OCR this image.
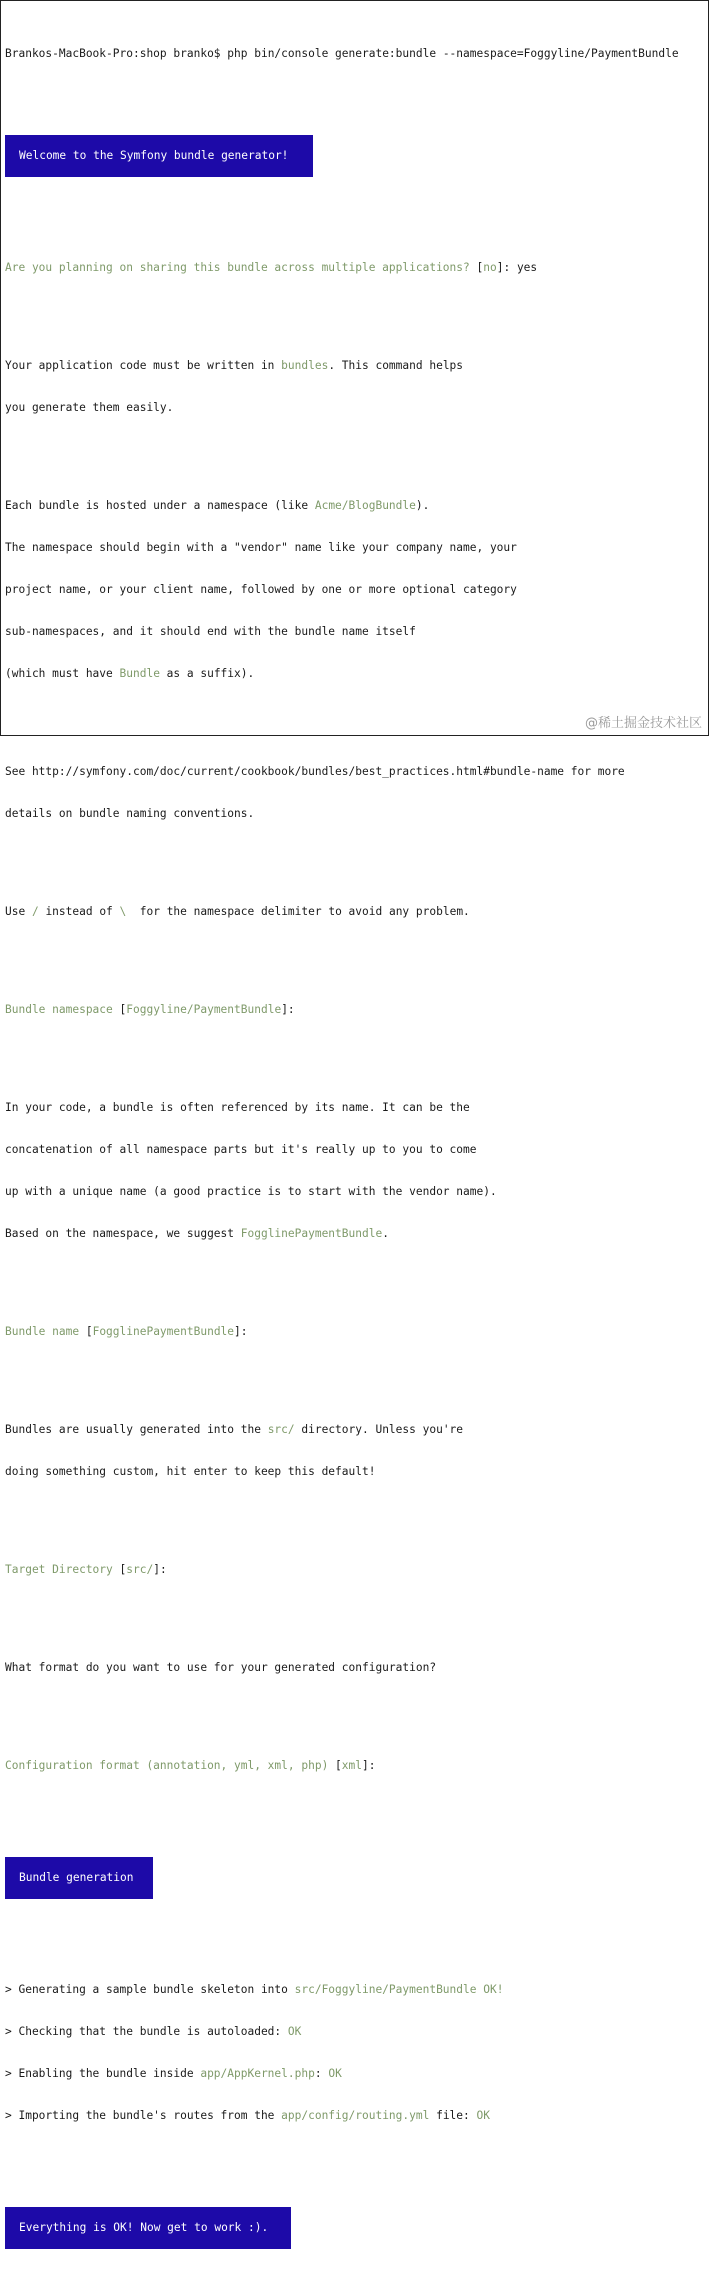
Brankos-MacBook-Pro:shop branko$ php bin/console generate:bundle --namespace=Foggyline/PaymentBundle

Welcome to the Symfony bundle generator!

Are you planning on sharing this bundle across multiple applications? [no]: yes

Your application code must be written in bundles. This command helps

you generate them easily.

Each bundle is hosted under a namespace (like Acme/BlogBundle).

The namespace should begin with a "vendor" name like your company name, your

project name, or your client name, followed by one or more optional category

sub-namespaces, and it should end with the bundle name itself

(which must have Bundle as a suffix).

See http://symfony.com/doc/current/cookbook/bundles/best_practices.html#bundle-name for more

details on bundle naming conventions.

Use / instead of \  for the namespace delimiter to avoid any problem.

Bundle namespace [Foggyline/PaymentBundle]:

In your code, a bundle is often referenced by its name. It can be the

concatenation of all namespace parts but it's really up to you to come

up with a unique name (a good practice is to start with the vendor name).

Based on the namespace, we suggest FogglinePaymentBundle.

Bundle name [FogglinePaymentBundle]:

Bundles are usually generated into the src/ directory. Unless you're

doing something custom, hit enter to keep this default!

Target Directory [src/]:

What format do you want to use for your generated configuration?

Configuration format (annotation, yml, xml, php) [xml]:

Bundle generation

> Generating a sample bundle skeleton into src/Foggyline/PaymentBundle OK!

> Checking that the bundle is autoloaded: OK

> Enabling the bundle inside app/AppKernel.php: OK

> Importing the bundle's routes from the app/config/routing.yml file: OK

Everything is OK! Now get to work :).

@稀土掘金技术社区
